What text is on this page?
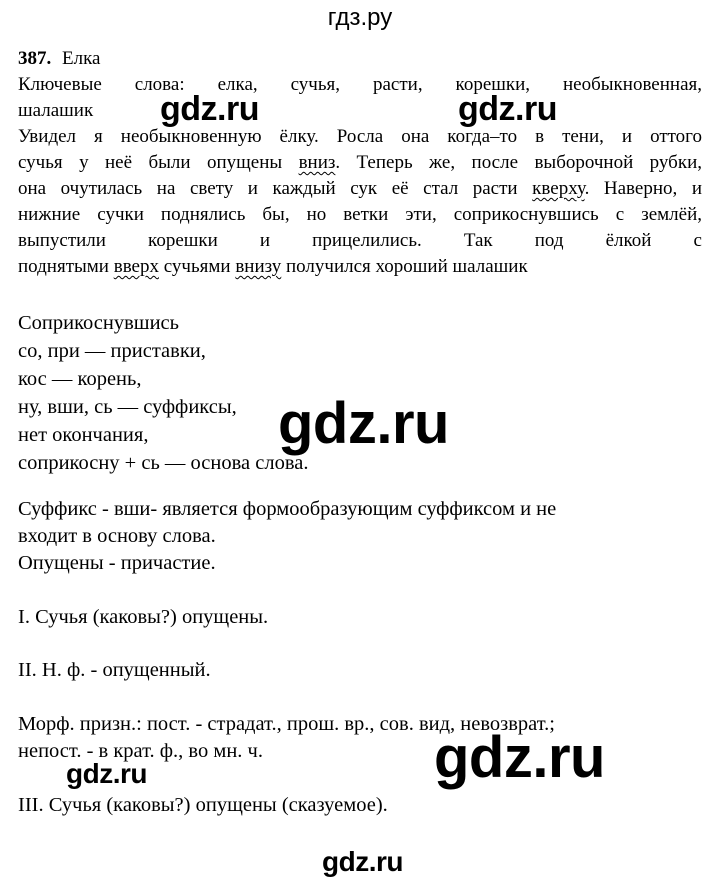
гдз.ру
387. Елка
Ключевые слова: елка, сучья, расти, корешки, необыкновенная,
шалашик
Увидел я необыкновенную ёлку. Росла она когда–то в тени, и оттого
сучья у неё были опущены вниз. Теперь же, после выборочной рубки,
она очутилась на свету и каждый сук её стал расти кверху. Наверно, и
нижние сучки поднялись бы, но ветки эти, соприкоснувшись с землёй,
выпустили корешки и прицелились. Так под ёлкой с
поднятыми вверх сучьями внизу получился хороший шалашик
Соприкоснувшись
со, при — приставки,
кос — корень,
ну, вши, сь — суффиксы,
нет окончания,
соприкосну + сь — основа слова.
Суффикс - вши- является формообразующим суффиксом и не
входит в основу слова.
Опущены - причастие.
I. Сучья (каковы?) опущены.
II. Н. ф. - опущенный.
Морф. призн.: пост. - страдат., прош. вр., сов. вид, невозврат.;
непост. - в крат. ф., во мн. ч.
III. Сучья (каковы?) опущены (сказуемое).
gdz.ru	gdz.ru
gdz.ru
gdz.ru
gdz.ru
gdz.ru
